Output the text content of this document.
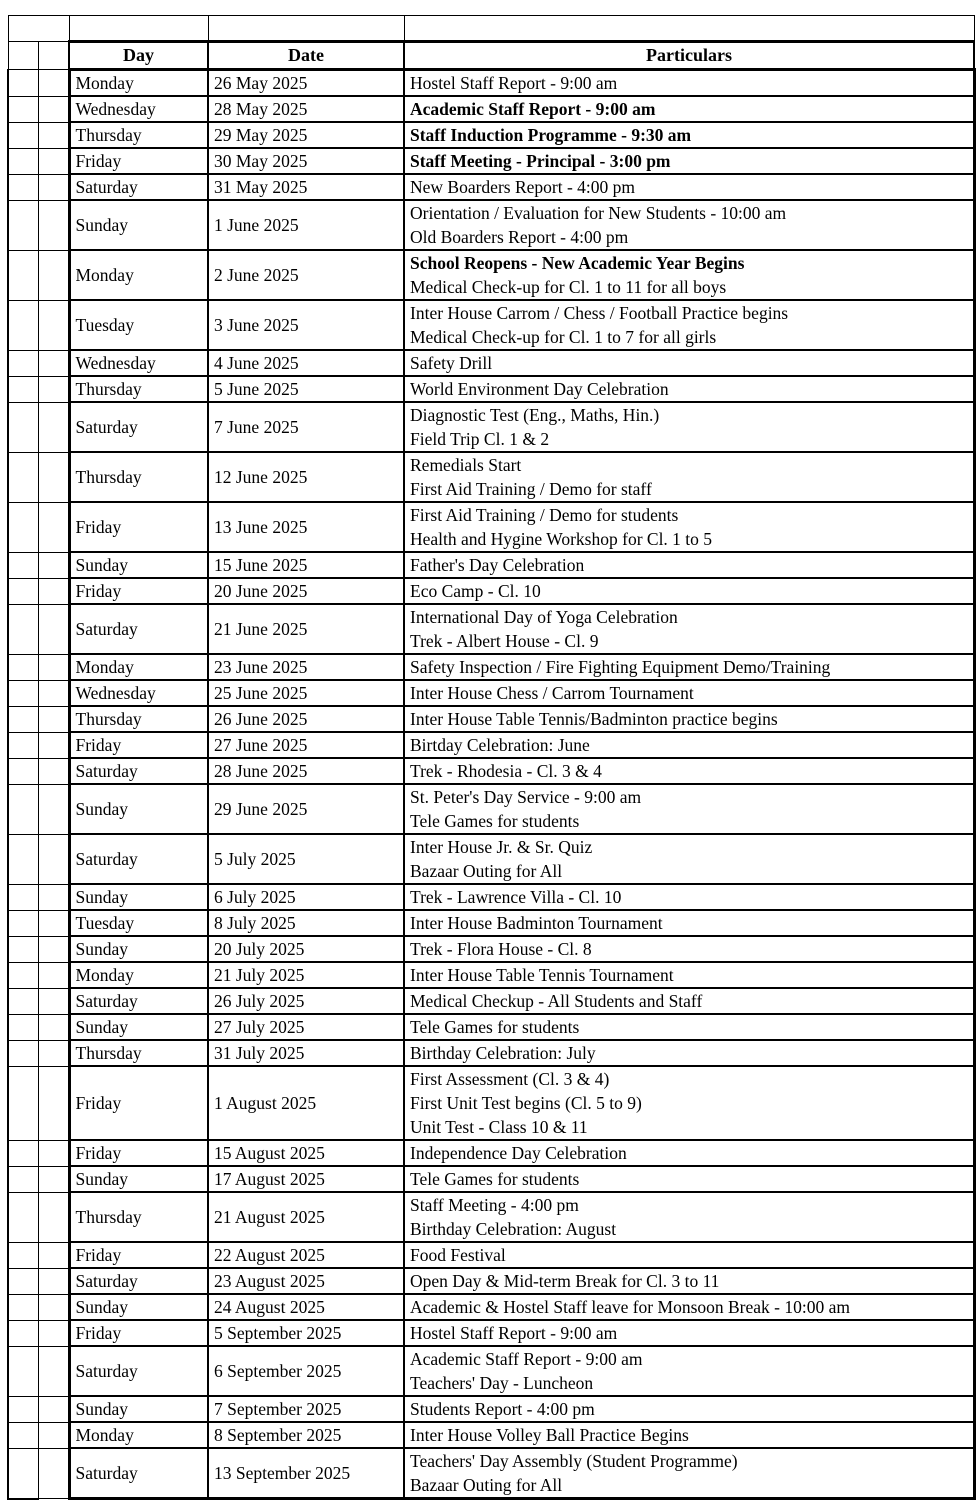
		Day	Date	Particulars
		Monday	26 May 2025	Hostel Staff Report - 9:00 am

		Wednesday	28 May 2025	Academic Staff Report - 9:00 am

		Thursday	29 May 2025	Staff Induction Programme - 9:30 am

		Friday	30 May 2025	Staff Meeting - Principal - 3:00 pm

		Saturday	31 May 2025	New Boarders Report - 4:00 pm

		Sunday	1 June 2025	Orientation / Evaluation for New Students - 10:00 am
Old Boarders Report - 4:00 pm

		Monday	2 June 2025	School Reopens - New Academic Year Begins
Medical Check-up for Cl. 1 to 11 for all boys

		Tuesday	3 June 2025	Inter House Carrom / Chess / Football Practice begins
Medical Check-up for Cl. 1 to 7 for all girls

		Wednesday	4 June 2025	Safety Drill

		Thursday	5 June 2025	World Environment Day Celebration

		Saturday	7 June 2025	Diagnostic Test (Eng., Maths, Hin.)
Field Trip Cl. 1 & 2

		Thursday	12 June 2025	Remedials Start
First Aid Training / Demo for staff

		Friday	13 June 2025	First Aid Training / Demo for students
Health and Hygine Workshop for Cl. 1 to 5

		Sunday	15 June 2025	Father's Day Celebration

		Friday	20 June 2025	Eco Camp - Cl. 10

		Saturday	21 June 2025	International Day of Yoga Celebration
Trek - Albert House - Cl. 9

		Monday	23 June 2025	Safety Inspection / Fire Fighting Equipment Demo/Training

		Wednesday	25 June 2025	Inter House Chess / Carrom Tournament

		Thursday	26 June 2025	Inter House Table Tennis/Badminton practice begins

		Friday	27 June 2025	Birtday Celebration: June

		Saturday	28 June 2025	Trek - Rhodesia - Cl. 3 & 4

		Sunday	29 June 2025	St. Peter's Day Service - 9:00 am
Tele Games for students

		Saturday	5 July 2025	Inter House Jr. & Sr. Quiz
Bazaar Outing for All

		Sunday	6 July 2025	Trek - Lawrence Villa - Cl. 10

		Tuesday	8 July 2025	Inter House Badminton Tournament

		Sunday	20 July 2025	Trek - Flora House - Cl. 8

		Monday	21 July 2025	Inter House Table Tennis Tournament

		Saturday	26 July 2025	Medical Checkup - All Students and Staff

		Sunday	27 July 2025	Tele Games for students

		Thursday	31 July 2025	Birthday Celebration: July

		Friday	1 August 2025	First Assessment (Cl. 3 & 4)
First Unit Test begins (Cl. 5 to 9)
Unit Test - Class 10 & 11

		Friday	15 August 2025	Independence Day Celebration

		Sunday	17 August 2025	Tele Games for students

		Thursday	21 August 2025	Staff Meeting - 4:00 pm
Birthday Celebration: August

		Friday	22 August 2025	Food Festival

		Saturday	23 August 2025	Open Day & Mid-term Break for Cl. 3 to 11

		Sunday	24 August 2025	Academic & Hostel Staff leave for Monsoon Break - 10:00 am

		Friday	5 September 2025	Hostel Staff Report - 9:00 am

		Saturday	6 September 2025	Academic Staff Report - 9:00 am
Teachers' Day - Luncheon

		Sunday	7 September 2025	Students Report - 4:00 pm

		Monday	8 September 2025	Inter House Volley Ball Practice Begins

		Saturday	13 September 2025	Teachers' Day Assembly (Student Programme)
Bazaar Outing for All
